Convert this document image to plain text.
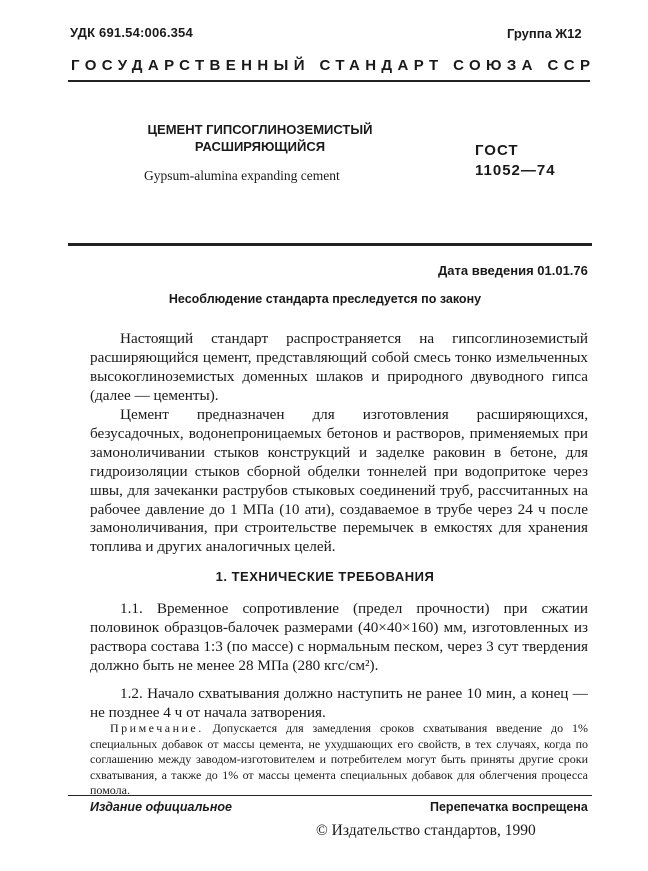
УДК 691.54:006.354	Группа Ж12
ГОСУДАРСТВЕННЫЙ СТАНДАРТ СОЮЗА ССР
ЦЕМЕНТ ГИПСОГЛИНОЗЕМИСТЫЙ
РАСШИРЯЮЩИЙСЯ
Gypsum-alumina expanding cement
ГОСТ
11052—74
Дата введения 01.01.76
Несоблюдение стандарта преследуется по закону
Настоящий стандарт распространяется на гипсоглиноземистый расширяющийся цемент, представляющий собой смесь тонко измельченных высокоглиноземистых доменных шлаков и природного двуводного гипса (далее — цементы).
Цемент предназначен для изготовления расширяющихся, безусадочных, водонепроницаемых бетонов и растворов, применяемых при замоноличивании стыков конструкций и заделке раковин в бетоне, для гидроизоляции стыков сборной обделки тоннелей при водопритоке через швы, для зачеканки раструбов стыковых соединений труб, рассчитанных на рабочее давление до 1 МПа (10 ати), создаваемое в трубе через 24 ч после замоноличивания, при строительстве перемычек в емкостях для хранения топлива и других аналогичных целей.
1. ТЕХНИЧЕСКИЕ ТРЕБОВАНИЯ
1.1. Временное сопротивление (предел прочности) при сжатии половинок образцов-балочек размерами (40×40×160) мм, изготовленных из раствора состава 1:3 (по массе) с нормальным песком, через 3 сут твердения должно быть не менее 28 МПа (280 кгс/см²).
1.2. Начало схватывания должно наступить не ранее 10 мин, а конец — не позднее 4 ч от начала затворения.
Примечание. Допускается для замедления сроков схватывания введение до 1% специальных добавок от массы цемента, не ухудшающих его свойств, в тех случаях, когда по соглашению между заводом-изготовителем и потребителем могут быть приняты другие сроки схватывания, а также до 1% от массы цемента специальных добавок для облегчения процесса помола.
Издание официальное	Перепечатка воспрещена
© Издательство стандартов, 1990
